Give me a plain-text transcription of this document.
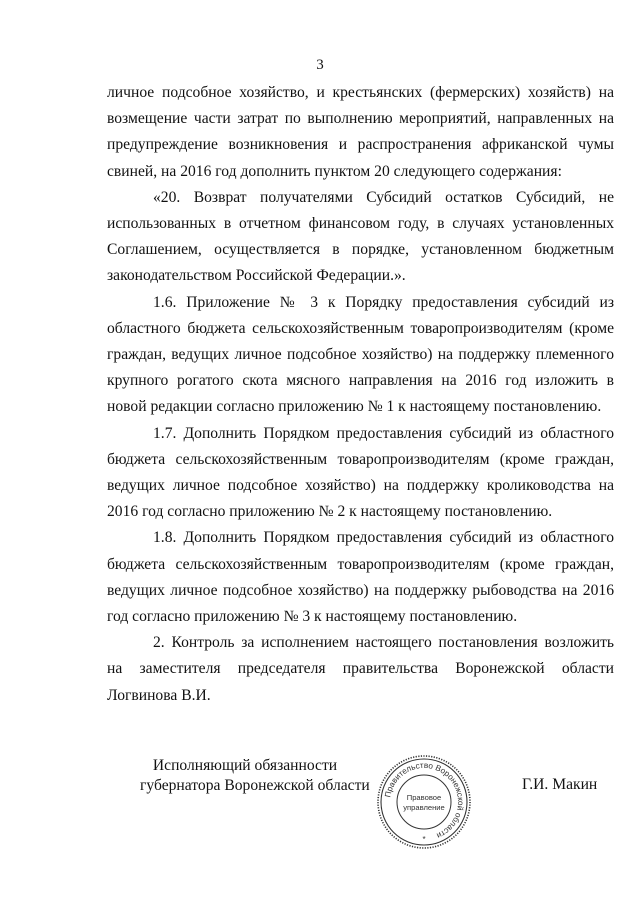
3

личное подсобное хозяйство, и крестьянских (фермерских) хозяйств) на возмещение части затрат по выполнению мероприятий, направленных на предупреждение возникновения и распространения африканской чумы свиней, на 2016 год дополнить пунктом 20 следующего содержания:

«20. Возврат получателями Субсидий остатков Субсидий, не использованных в отчетном финансовом году, в случаях установленных Соглашением, осуществляется в порядке, установленном бюджетным законодательством Российской Федерации.».

1.6. Приложение № 3 к Порядку предоставления субсидий из областного бюджета сельскохозяйственным товаропроизводителям (кроме граждан, ведущих личное подсобное хозяйство) на поддержку племенного крупного рогатого скота мясного направления на 2016 год изложить в новой редакции согласно приложению № 1 к настоящему постановлению.

1.7. Дополнить Порядком предоставления субсидий из областного бюджета сельскохозяйственным товаропроизводителям (кроме граждан, ведущих личное подсобное хозяйство) на поддержку кролиководства на 2016 год согласно приложению № 2 к настоящему постановлению.

1.8. Дополнить Порядком предоставления субсидий из областного бюджета сельскохозяйственным товаропроизводителям (кроме граждан, ведущих личное подсобное хозяйство) на поддержку рыбоводства на 2016 год согласно приложению № 3 к настоящему постановлению.

2. Контроль за исполнением настоящего постановления возложить на заместителя председателя правительства Воронежской области Логвинова В.И.

Исполняющий обязанности
губернатора Воронежской области
Правительство Воронежской области
Правовое
управление
*
Г.И. Макин
